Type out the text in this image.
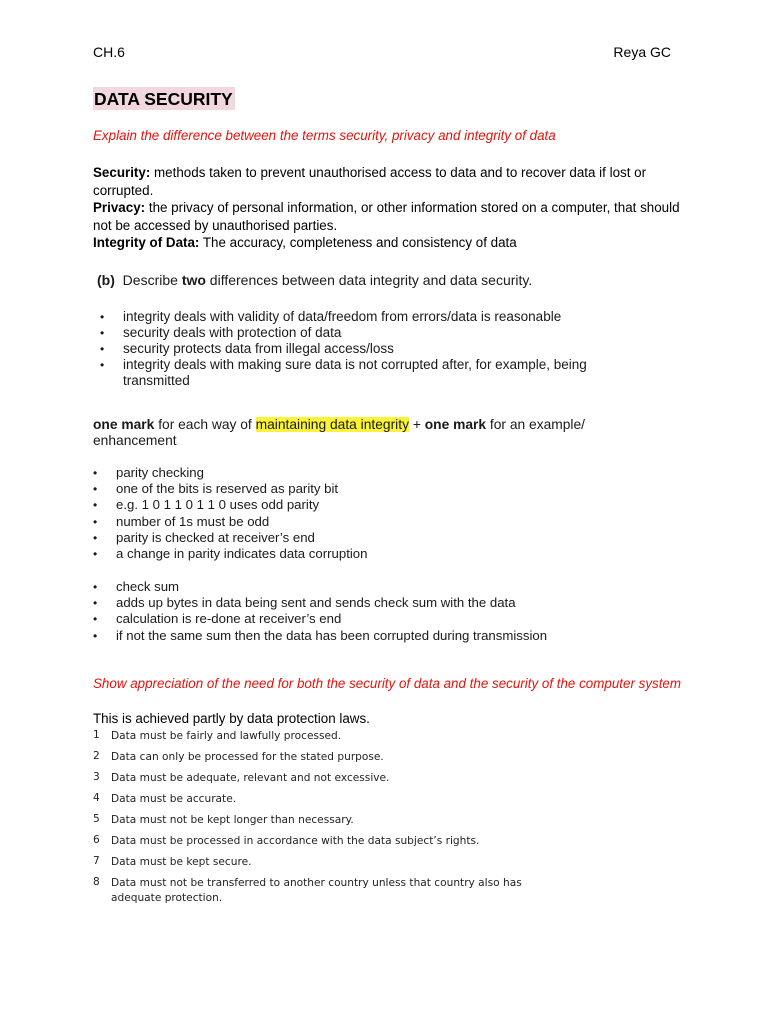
CH.6	Reya GC
DATA SECURITY
Explain the difference between the terms security, privacy and integrity of data
Security: methods taken to prevent unauthorised access to data and to recover data if lost or corrupted.
Privacy: the privacy of personal information, or other information stored on a computer, that should not be accessed by unauthorised parties.
Integrity of Data: The accuracy, completeness and consistency of data
(b) Describe two differences between data integrity and data security.
• integrity deals with validity of data/freedom from errors/data is reasonable
• security deals with protection of data
• security protects data from illegal access/loss
• integrity deals with making sure data is not corrupted after, for example, being transmitted
one mark for each way of maintaining data integrity + one mark for an example/ enhancement
• parity checking
• one of the bits is reserved as parity bit
• e.g. 1 0 1 1 0 1 1 0 uses odd parity
• number of 1s must be odd
• parity is checked at receiver’s end
• a change in parity indicates data corruption
• check sum
• adds up bytes in data being sent and sends check sum with the data
• calculation is re-done at receiver’s end
• if not the same sum then the data has been corrupted during transmission
Show appreciation of the need for both the security of data and the security of the computer system
This is achieved partly by data protection laws.
1	Data must be fairly and lawfully processed.
2	Data can only be processed for the stated purpose.
3	Data must be adequate, relevant and not excessive.
4	Data must be accurate.
5	Data must not be kept longer than necessary.
6	Data must be processed in accordance with the data subject’s rights.
7	Data must be kept secure.
8	Data must not be transferred to another country unless that country also has adequate protection.
